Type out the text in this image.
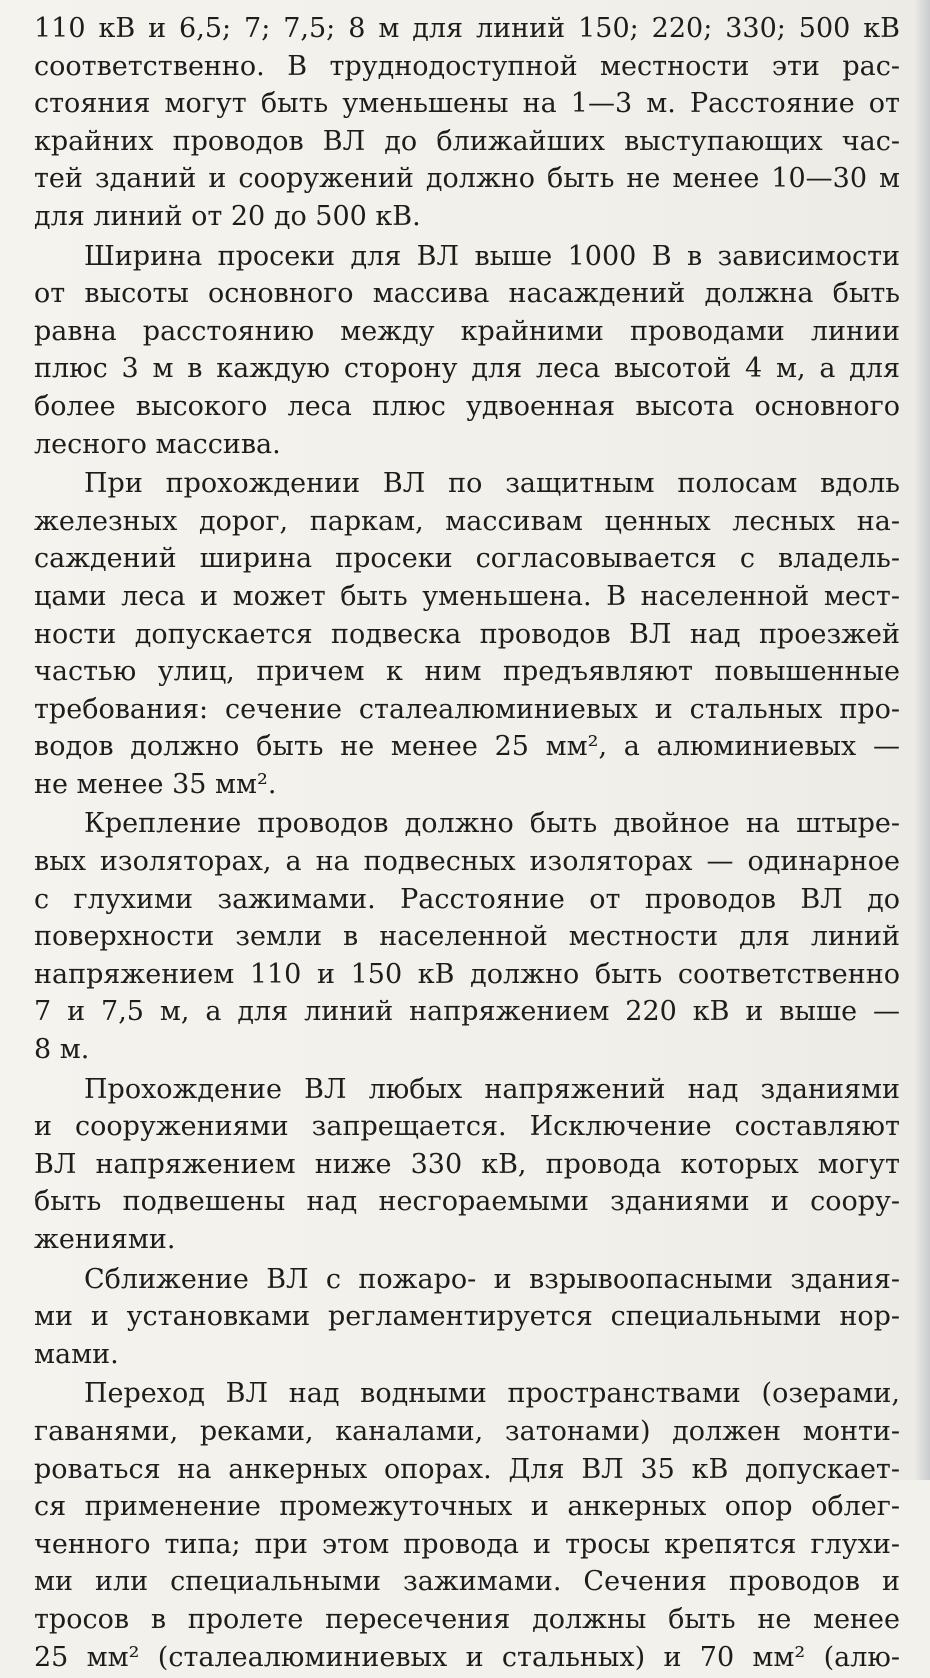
110 кВ и 6,5; 7; 7,5; 8 м для линий 150; 220; 330; 500 кВ
соответственно. В труднодоступной местности эти рас-
стояния могут быть уменьшены на 1—3 м. Расстояние от
крайних проводов ВЛ до ближайших выступающих час-
тей зданий и сооружений должно быть не менее 10—30 м
для линий от 20 до 500 кВ.
Ширина просеки для ВЛ выше 1000 В в зависимости
от высоты основного массива насаждений должна быть
равна расстоянию между крайними проводами линии
плюс 3 м в каждую сторону для леса высотой 4 м, а для
более высокого леса плюс удвоенная высота основного
лесного массива.
При прохождении ВЛ по защитным полосам вдоль
железных дорог, паркам, массивам ценных лесных на-
саждений ширина просеки согласовывается с владель-
цами леса и может быть уменьшена. В населенной мест-
ности допускается подвеска проводов ВЛ над проезжей
частью улиц, причем к ним предъявляют повышенные
требования: сечение сталеалюминиевых и стальных про-
водов должно быть не менее 25 мм², а алюминиевых —
не менее 35 мм².
Крепление проводов должно быть двойное на штыре-
вых изоляторах, а на подвесных изоляторах — одинарное
с глухими зажимами. Расстояние от проводов ВЛ до
поверхности земли в населенной местности для линий
напряжением 110 и 150 кВ должно быть соответственно
7 и 7,5 м, а для линий напряжением 220 кВ и выше —
8 м.
Прохождение ВЛ любых напряжений над зданиями
и сооружениями запрещается. Исключение составляют
ВЛ напряжением ниже 330 кВ, провода которых могут
быть подвешены над несгораемыми зданиями и соору-
жениями.
Сближение ВЛ с пожаро- и взрывоопасными здания-
ми и установками регламентируется специальными нор-
мами.
Переход ВЛ над водными пространствами (озерами,
гаванями, реками, каналами, затонами) должен монти-
роваться на анкерных опорах. Для ВЛ 35 кВ допускает-
ся применение промежуточных и анкерных опор облег-
ченного типа; при этом провода и тросы крепятся глухи-
ми или специальными зажимами. Сечения проводов и
тросов в пролете пересечения должны быть не менее
25 мм² (сталеалюминиевых и стальных) и 70 мм² (алю-
